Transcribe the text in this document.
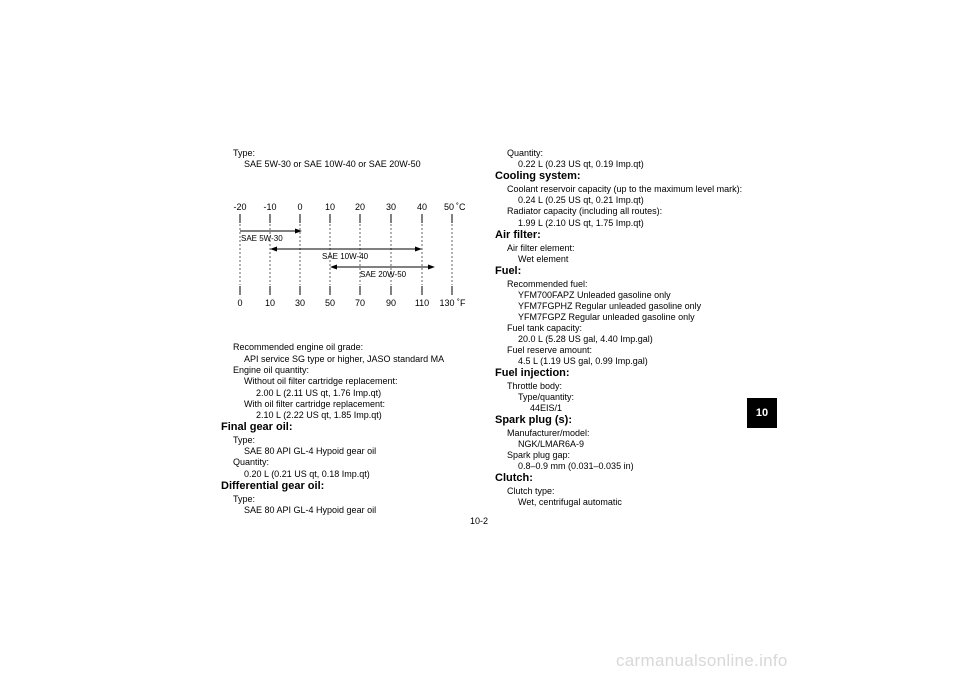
Type:
SAE 5W-30 or SAE 10W-40 or SAE 20W-50
-20 -10 0 10 20 30 40 50 ˚C
0 10 30 50 70 90 110 130 ˚F
SAE 5W-30
SAE 10W-40
SAE 20W-50
Recommended engine oil grade:
API service SG type or higher, JASO standard MA
Engine oil quantity:
Without oil filter cartridge replacement:
2.00 L (2.11 US qt, 1.76 Imp.qt)
With oil filter cartridge replacement:
2.10 L (2.22 US qt, 1.85 Imp.qt)
Final gear oil:
Type:
SAE 80 API GL-4 Hypoid gear oil
Quantity:
0.20 L (0.21 US qt, 0.18 Imp.qt)
Differential gear oil:
Type:
SAE 80 API GL-4 Hypoid gear oil
Quantity:
0.22 L (0.23 US qt, 0.19 Imp.qt)
Cooling system:
Coolant reservoir capacity (up to the maximum level mark):
0.24 L (0.25 US qt, 0.21 Imp.qt)
Radiator capacity (including all routes):
1.99 L (2.10 US qt, 1.75 Imp.qt)
Air filter:
Air filter element:
Wet element
Fuel:
Recommended fuel:
YFM700FAPZ Unleaded gasoline only
YFM7FGPHZ Regular unleaded gasoline only
YFM7FGPZ Regular unleaded gasoline only
Fuel tank capacity:
20.0 L (5.28 US gal, 4.40 Imp.gal)
Fuel reserve amount:
4.5 L (1.19 US gal, 0.99 Imp.gal)
Fuel injection:
Throttle body:
Type/quantity:
44EIS/1
Spark plug (s):
Manufacturer/model:
NGK/LMAR6A-9
Spark plug gap:
0.8–0.9 mm (0.031–0.035 in)
Clutch:
Clutch type:
Wet, centrifugal automatic
10-2
10
carmanualsonline.info
